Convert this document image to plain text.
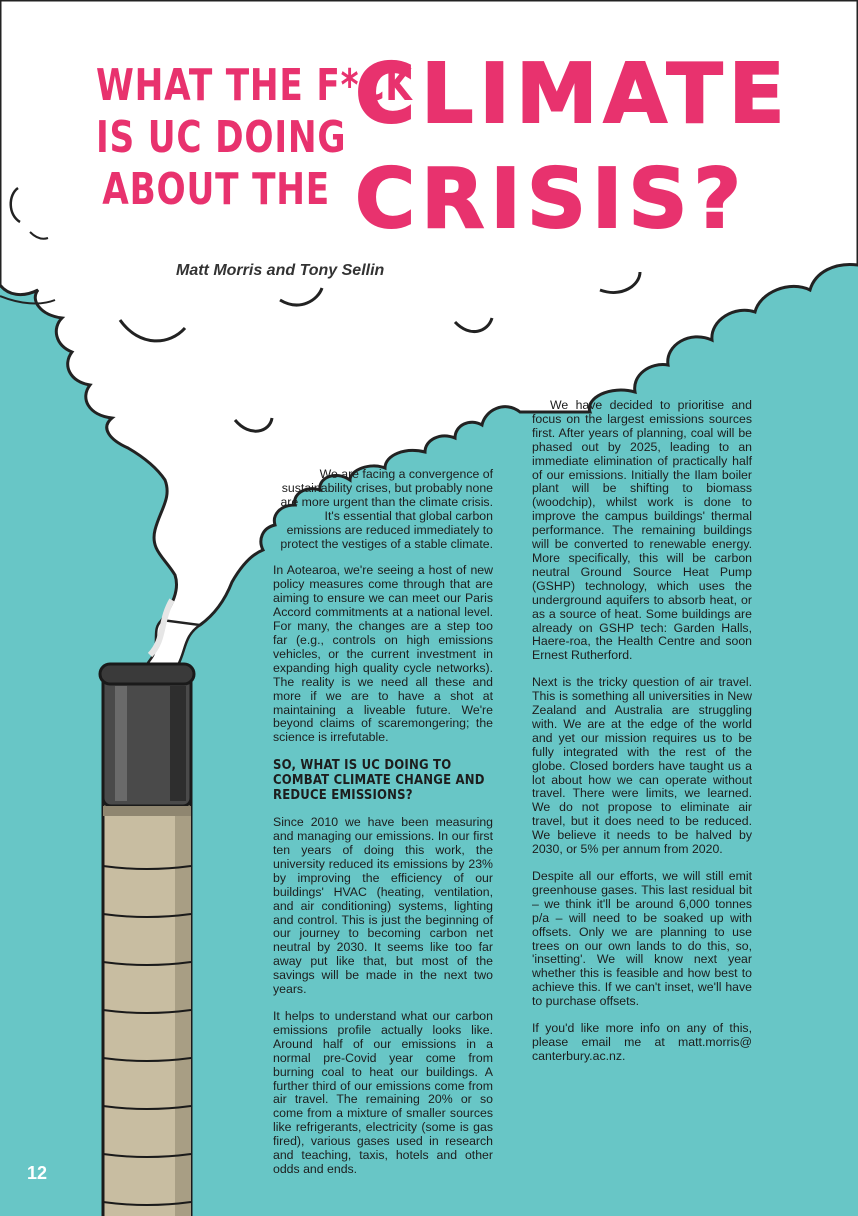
WHAT THE F*CK
IS UC DOING
ABOUT THE
CLIMATE
CRISIS?
Matt Morris and Tony Sellin

We are facing a convergence of sustainability crises, but probably none are more urgent than the climate crisis. It's essential that global carbon emissions are reduced immediately to protect the vestiges of a stable climate.

In Aotearoa, we're seeing a host of new policy measures come through that are aiming to ensure we can meet our Paris Accord commitments at a national level. For many, the changes are a step too far (e.g., controls on high emissions vehicles, or the current investment in expanding high quality cycle networks). The reality is we need all these and more if we are to have a shot at maintaining a liveable future. We're beyond claims of scaremongering; the science is irrefutable.

SO, WHAT IS UC DOING TO COMBAT CLIMATE CHANGE AND REDUCE EMISSIONS?

Since 2010 we have been measuring and managing our emissions. In our first ten years of doing this work, the university reduced its emissions by 23% by improving the efficiency of our buildings' HVAC (heating, ventilation, and air conditioning) systems, lighting and control. This is just the beginning of our journey to becoming carbon net neutral by 2030. It seems like too far away put like that, but most of the savings will be made in the next two years.

It helps to understand what our carbon emissions profile actually looks like. Around half of our emissions in a normal pre-Covid year come from burning coal to heat our buildings. A further third of our emissions come from air travel. The remaining 20% or so come from a mixture of smaller sources like refrigerants, electricity (some is gas fired), various gases used in research and teaching, taxis, hotels and other odds and ends.

We have decided to prioritise and focus on the largest emissions sources first. After years of planning, coal will be phased out by 2025, leading to an immediate elimination of practically half of our emissions. Initially the Ilam boiler plant will be shifting to biomass (woodchip), whilst work is done to improve the campus buildings' thermal performance. The remaining buildings will be converted to renewable energy. More specifically, this will be carbon neutral Ground Source Heat Pump (GSHP) technology, which uses the underground aquifers to absorb heat, or as a source of heat. Some buildings are already on GSHP tech: Garden Halls, Haere-roa, the Health Centre and soon Ernest Rutherford.

Next is the tricky question of air travel. This is something all universities in New Zealand and Australia are struggling with. We are at the edge of the world and yet our mission requires us to be fully integrated with the rest of the globe. Closed borders have taught us a lot about how we can operate without travel. There were limits, we learned. We do not propose to eliminate air travel, but it does need to be reduced. We believe it needs to be halved by 2030, or 5% per annum from 2020.

Despite all our efforts, we will still emit greenhouse gases. This last residual bit – we think it'll be around 6,000 tonnes p/a – will need to be soaked up with offsets. Only we are planning to use trees on our own lands to do this, so, 'insetting'. We will know next year whether this is feasible and how best to achieve this. If we can't inset, we'll have to purchase offsets.

If you'd like more info on any of this, please email me at matt.morris@ canterbury.ac.nz.

12
